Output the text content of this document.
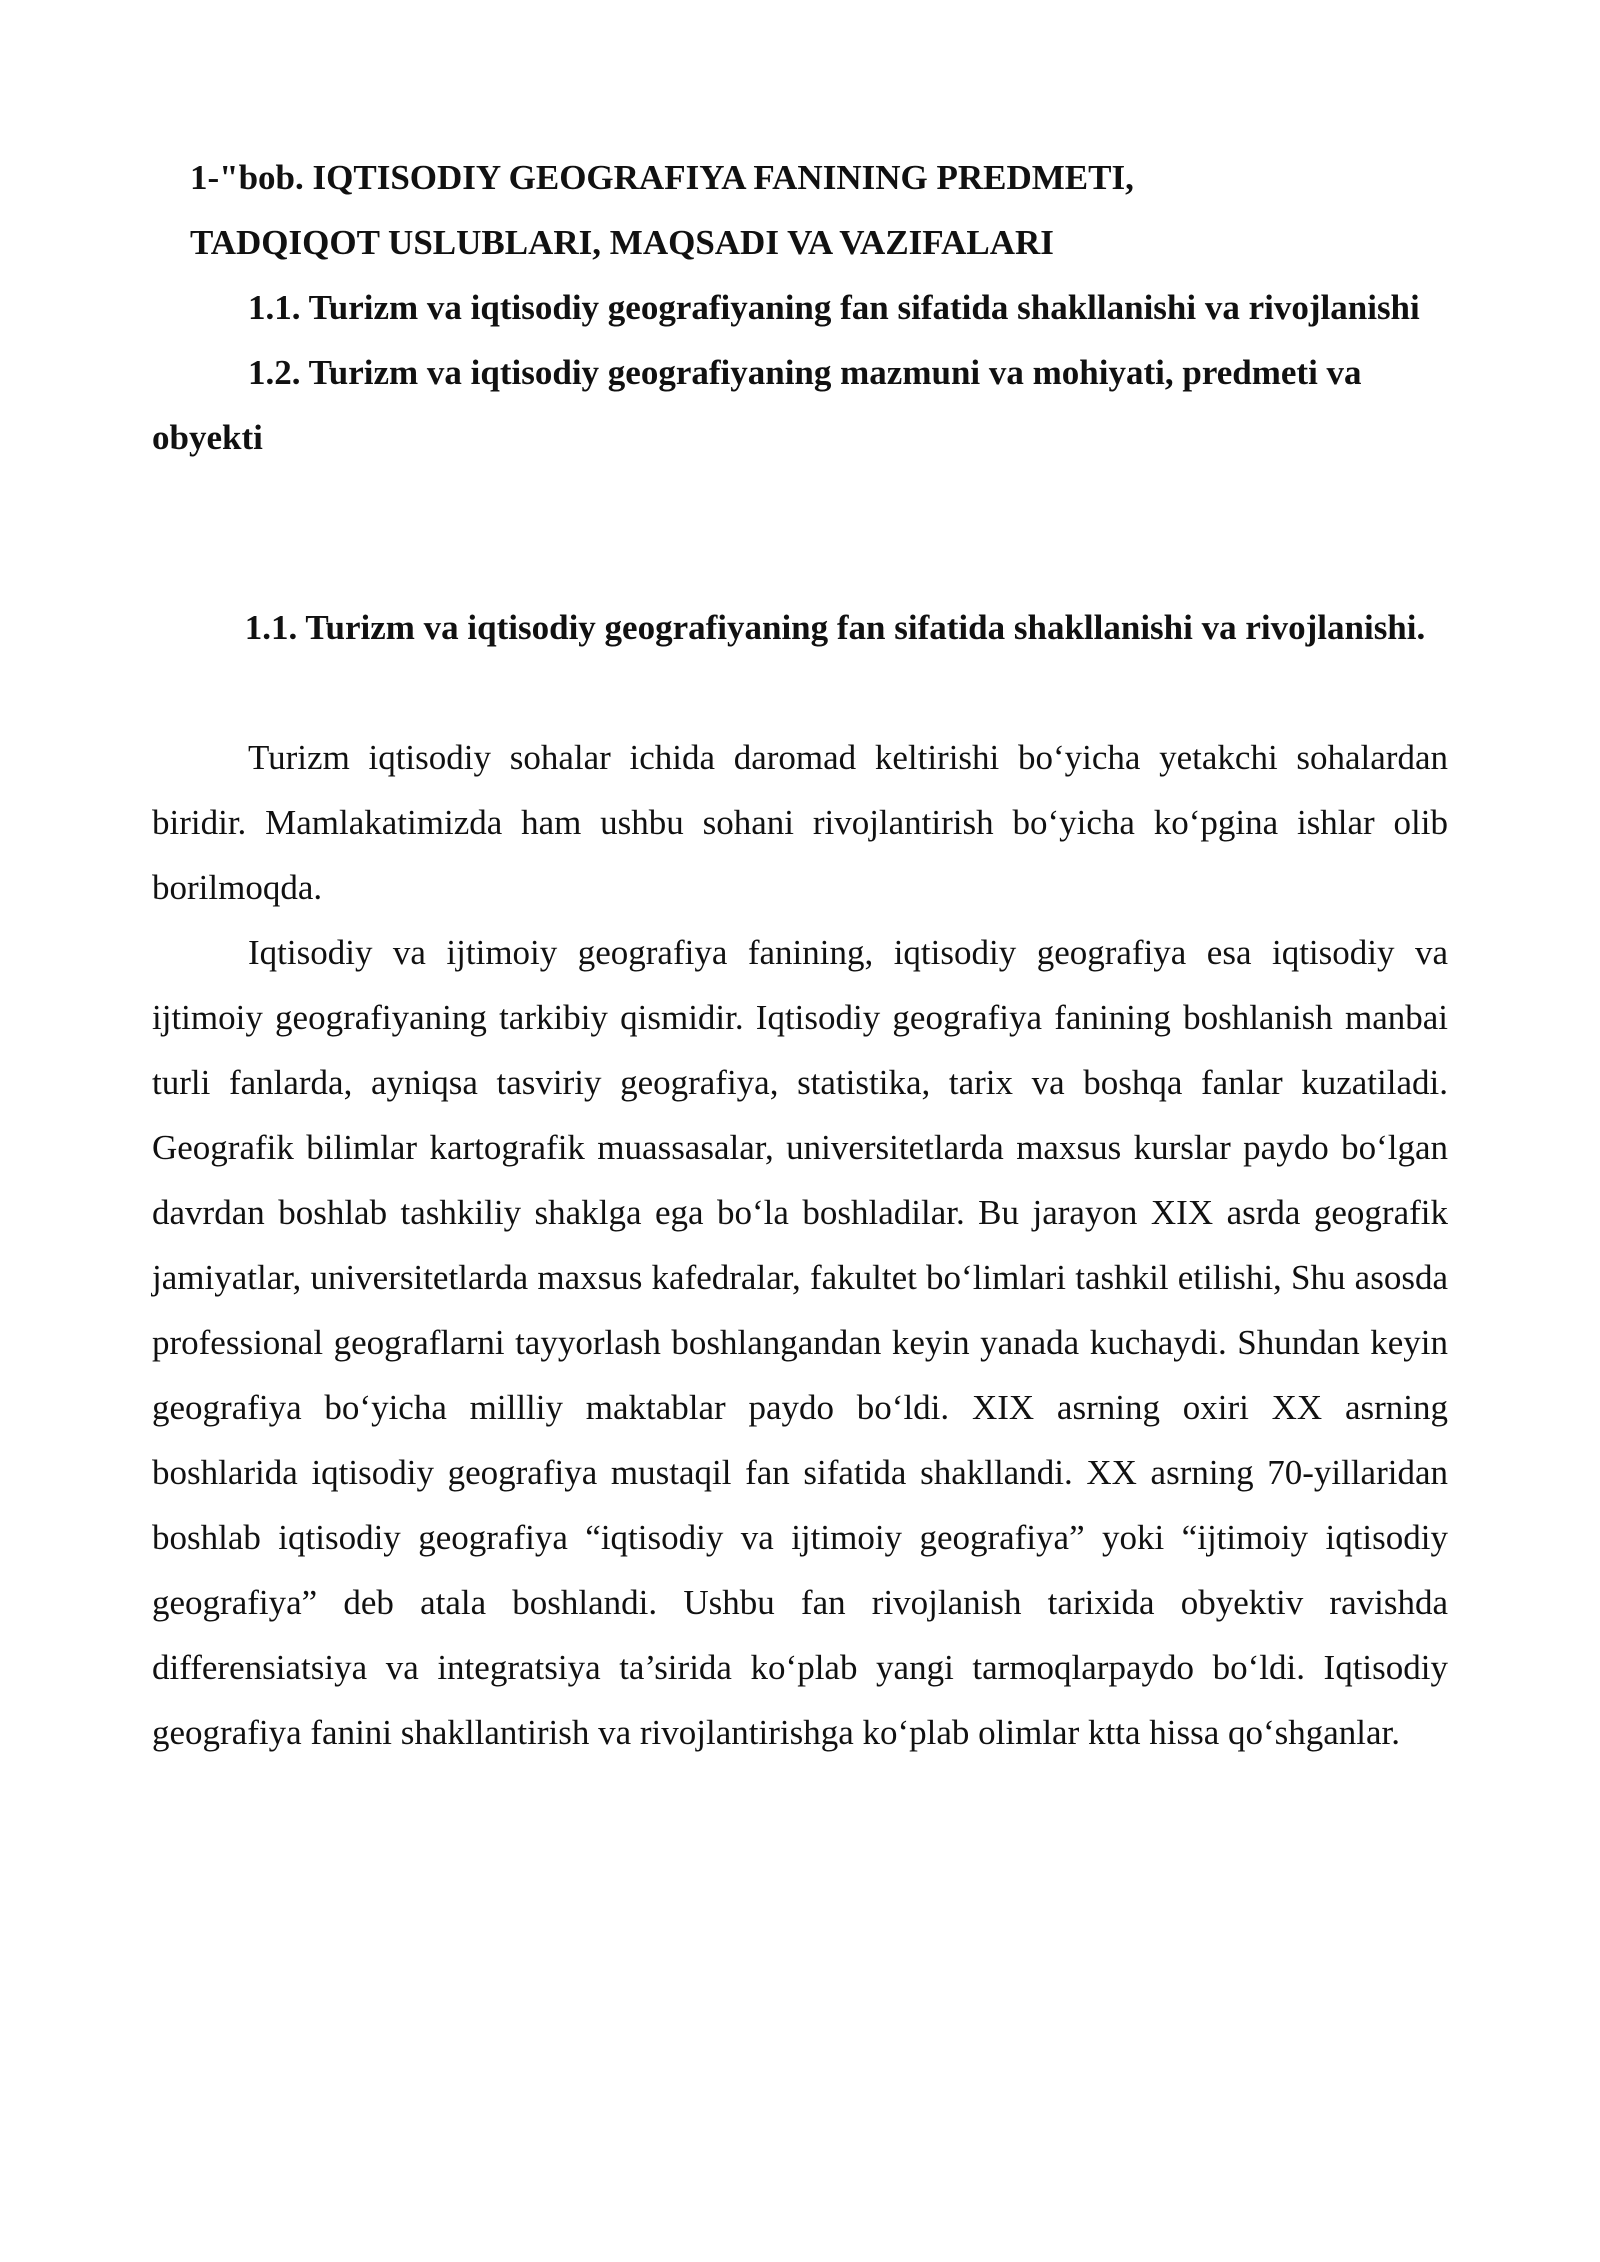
1-"bob. IQTISODIY GEOGRAFIYA FANINING PREDMETI,

TADQIQOT USLUBLARI, MAQSADI VA VAZIFALARI

1.1. Turizm va iqtisodiy geografiyaning fan sifatida shakllanishi va rivojlanishi

1.2. Turizm va iqtisodiy geografiyaning mazmuni va mohiyati, predmeti va obyekti

1.1. Turizm va iqtisodiy geografiyaning fan sifatida shakllanishi va rivojlanishi.

Turizm iqtisodiy sohalar ichida daromad keltirishi bo‘yicha yetakchi sohalardan biridir. Mamlakatimizda ham ushbu sohani rivojlantirish bo‘yicha ko‘pgina ishlar olib borilmoqda.

Iqtisodiy va ijtimoiy geografiya fanining, iqtisodiy geografiya esa iqtisodiy va ijtimoiy geografiyaning tarkibiy qismidir. Iqtisodiy geografiya fanining boshlanish manbai turli fanlarda, ayniqsa tasviriy geografiya, statistika, tarix va boshqa fanlar kuzatiladi. Geografik bilimlar kartografik muassasalar, universitetlarda maxsus kurslar paydo bo‘lgan davrdan boshlab tashkiliy shaklga ega bo‘la boshladilar. Bu jarayon XIX asrda geografik jamiyatlar, universitetlarda maxsus kafedralar, fakultet bo‘limlari tashkil etilishi, Shu asosda professional geograflarni tayyorlash boshlangandan keyin yanada kuchaydi. Shundan keyin geografiya bo‘yicha millliy maktablar paydo bo‘ldi. XIX asrning oxiri XX asrning boshlarida iqtisodiy geografiya mustaqil fan sifatida shakllandi. XX asrning 70-yillaridan boshlab iqtisodiy geografiya “iqtisodiy va ijtimoiy geografiya” yoki “ijtimoiy iqtisodiy geografiya” deb atala boshlandi. Ushbu fan rivojlanish tarixida obyektiv ravishda differensiatsiya va integratsiya ta’sirida ko‘plab yangi tarmoqlarpaydo bo‘ldi. Iqtisodiy geografiya fanini shakllantirish va rivojlantirishga ko‘plab olimlar ktta hissa qo‘shganlar.
